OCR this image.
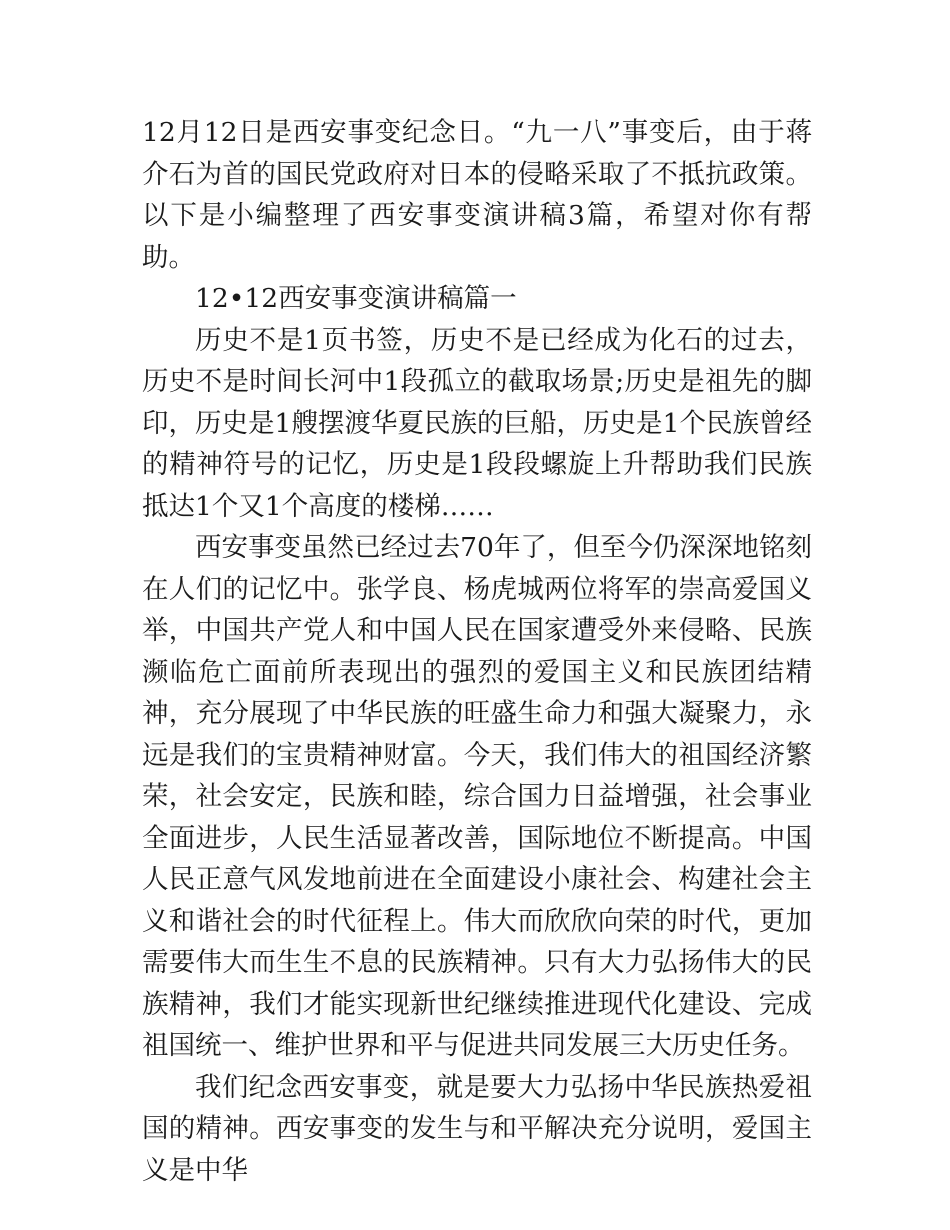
12月12日是西安事变纪念日。“九一八”事变后，由于蒋介石为首的国民党政府对日本的侵略采取了不抵抗政策。以下是小编整理了西安事变演讲稿3篇，希望对你有帮助。

12•12西安事变演讲稿篇一

历史不是1页书签，历史不是已经成为化石的过去，历史不是时间长河中1段孤立的截取场景;历史是祖先的脚印，历史是1艘摆渡华夏民族的巨船，历史是1个民族曾经的精神符号的记忆，历史是1段段螺旋上升帮助我们民族抵达1个又1个高度的楼梯……

西安事变虽然已经过去70年了，但至今仍深深地铭刻在人们的记忆中。张学良、杨虎城两位将军的崇高爱国义举，中国共产党人和中国人民在国家遭受外来侵略、民族濒临危亡面前所表现出的强烈的爱国主义和民族团结精神，充分展现了中华民族的旺盛生命力和强大凝聚力，永远是我们的宝贵精神财富。今天，我们伟大的祖国经济繁荣，社会安定，民族和睦，综合国力日益增强，社会事业全面进步，人民生活显著改善，国际地位不断提高。中国人民正意气风发地前进在全面建设小康社会、构建社会主义和谐社会的时代征程上。伟大而欣欣向荣的时代，更加需要伟大而生生不息的民族精神。只有大力弘扬伟大的民族精神，我们才能实现新世纪继续推进现代化建设、完成祖国统一、维护世界和平与促进共同发展三大历史任务。

我们纪念西安事变，就是要大力弘扬中华民族热爱祖国的精神。西安事变的发生与和平解决充分说明，爱国主义是中华
